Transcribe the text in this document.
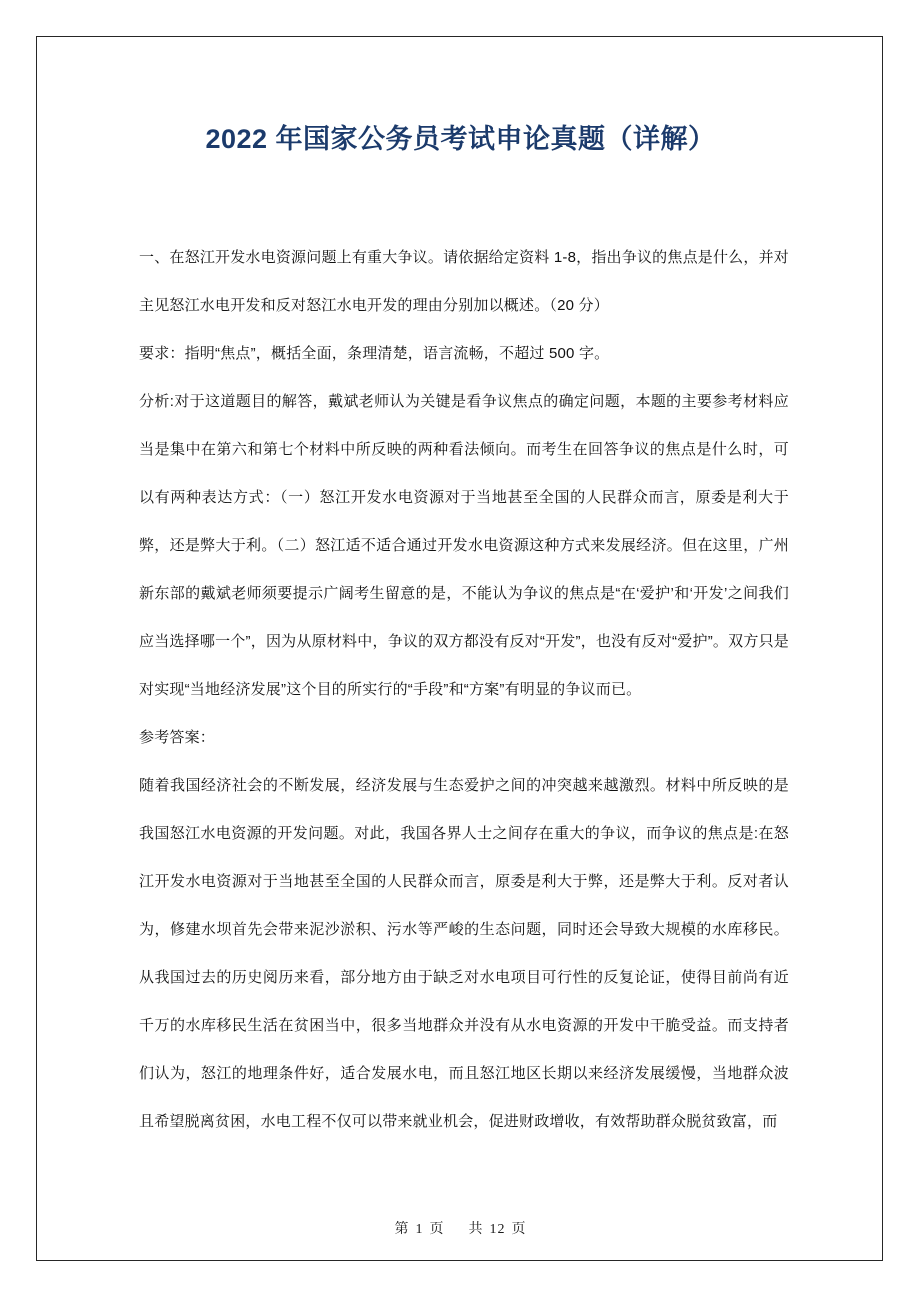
2022 年国家公务员考试申论真题（详解）

一、在怒江开发水电资源问题上有重大争议。请依据给定资料 1-8，指出争议的焦点是什么，并对主见怒江水电开发和反对怒江水电开发的理由分别加以概述。（20 分）

要求：指明“焦点”，概括全面，条理清楚，语言流畅，不超过 500 字。

分析:对于这道题目的解答，戴斌老师认为关键是看争议焦点的确定问题，本题的主要参考材料应当是集中在第六和第七个材料中所反映的两种看法倾向。而考生在回答争议的焦点是什么时，可以有两种表达方式：（一）怒江开发水电资源对于当地甚至全国的人民群众而言，原委是利大于弊，还是弊大于利。（二）怒江适不适合通过开发水电资源这种方式来发展经济。但在这里，广州新东部的戴斌老师须要提示广阔考生留意的是，不能认为争议的焦点是“在‘爱护’和‘开发’之间我们应当选择哪一个”，因为从原材料中，争议的双方都没有反对“开发”，也没有反对“爱护”。双方只是对实现“当地经济发展”这个目的所实行的“手段”和“方案”有明显的争议而已。

参考答案：

随着我国经济社会的不断发展，经济发展与生态爱护之间的冲突越来越激烈。材料中所反映的是我国怒江水电资源的开发问题。对此，我国各界人士之间存在重大的争议，而争议的焦点是:在怒江开发水电资源对于当地甚至全国的人民群众而言，原委是利大于弊，还是弊大于利。反对者认为，修建水坝首先会带来泥沙淤积、污水等严峻的生态问题，同时还会导致大规模的水库移民。从我国过去的历史阅历来看，部分地方由于缺乏对水电项目可行性的反复论证，使得目前尚有近千万的水库移民生活在贫困当中，很多当地群众并没有从水电资源的开发中干脆受益。而支持者们认为，怒江的地理条件好，适合发展水电，而且怒江地区长期以来经济发展缓慢，当地群众波且希望脱离贫困，水电工程不仅可以带来就业机会，促进财政增收，有效帮助群众脱贫致富，而

第 1 页 共 12 页
